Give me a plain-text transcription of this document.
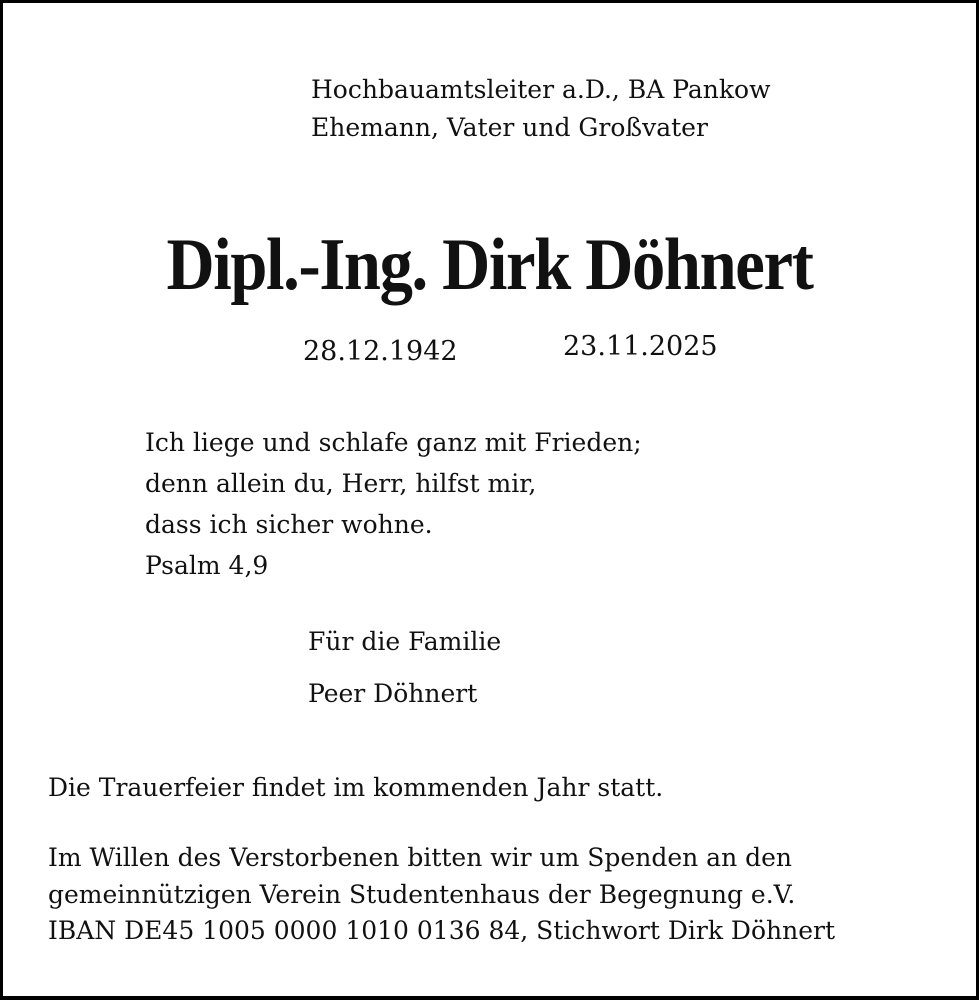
Hochbauamtsleiter a.D., BA Pankow
Ehemann, Vater und Großvater
Dipl.-Ing. Dirk Döhnert
28.12.1942	23.11.2025
Ich liege und schlafe ganz mit Frieden;
denn allein du, Herr, hilfst mir,
dass ich sicher wohne.
Psalm 4,9
Für die Familie
Peer Döhnert
Die Trauerfeier findet im kommenden Jahr statt.
Im Willen des Verstorbenen bitten wir um Spenden an den
gemeinnützigen Verein Studentenhaus der Begegnung e.V.
IBAN DE45 1005 0000 1010 0136 84, Stichwort Dirk Döhnert
